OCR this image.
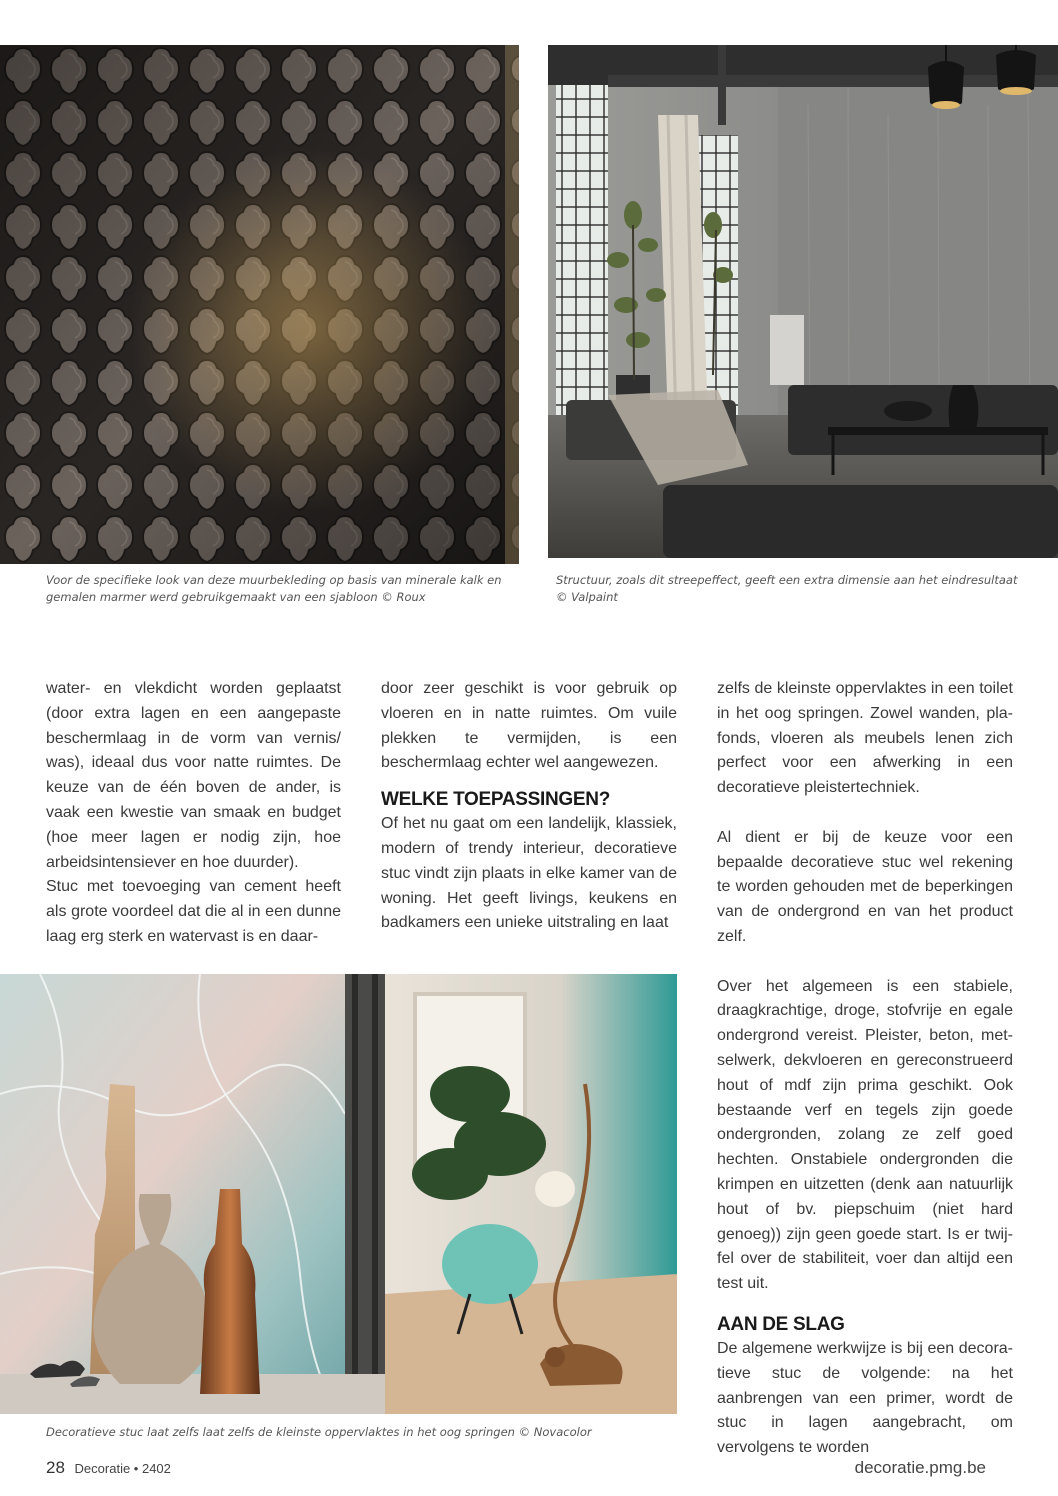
Voor de specifieke look van deze muurbekleding op basis van minerale kalk en gemalen marmer werd gebruikgemaakt van een sjabloon © Roux
Structuur, zoals dit streepeffect, geeft een extra dimensie aan het eindresultaat © Valpaint

water- en vlekdicht worden geplaatst (door extra lagen en een aangepaste beschermlaag in de vorm van vernis/ was), ideaal dus voor natte ruimtes. De keuze van de één boven de ander, is vaak een kwestie van smaak en budget (hoe meer lagen er nodig zijn, hoe arbeidsintensiever en hoe duurder).

Stuc met toevoeging van cement heeft als grote voordeel dat die al in een dunne laag erg sterk en watervast is en daar-

door zeer geschikt is voor gebruik op vloeren en in natte ruimtes. Om vuile plekken te vermijden, is een beschermlaag echter wel aangewezen.

WELKE TOEPASSINGEN?

Of het nu gaat om een landelijk, klassiek, modern of trendy interieur, decoratieve stuc vindt zijn plaats in elke kamer van de woning. Het geeft livings, keukens en badkamers een unieke uitstraling en laat

zelfs de kleinste oppervlaktes in een toilet in het oog springen. Zowel wanden, plafonds, vloeren als meubels lenen zich perfect voor een afwerking in een decoratieve pleistertechniek.

Al dient er bij de keuze voor een bepaalde decoratieve stuc wel rekening te worden gehouden met de beperkingen van de ondergrond en van het product zelf.

Over het algemeen is een stabiele, draagkrachtige, droge, stofvrije en egale ondergrond vereist. Pleister, beton, metselwerk, dekvloeren en gereconstrueerd hout of mdf zijn prima geschikt. Ook bestaande verf en tegels zijn goede ondergronden, zolang ze zelf goed hechten. Onstabiele ondergronden die krimpen en uitzetten (denk aan natuurlijk hout of bv. piepschuim (niet hard genoeg)) zijn geen goede start. Is er twijfel over de stabiliteit, voer dan altijd een test uit.

AAN DE SLAG

De algemene werkwijze is bij een decoratieve stuc de volgende: na het aanbrengen van een primer, wordt de stuc in lagen aangebracht, om vervolgens te worden

Decoratieve stuc laat zelfs laat zelfs de kleinste oppervlaktes in het oog springen © Novacolor
28 Decoratie • 2402	decoratie.pmg.be
